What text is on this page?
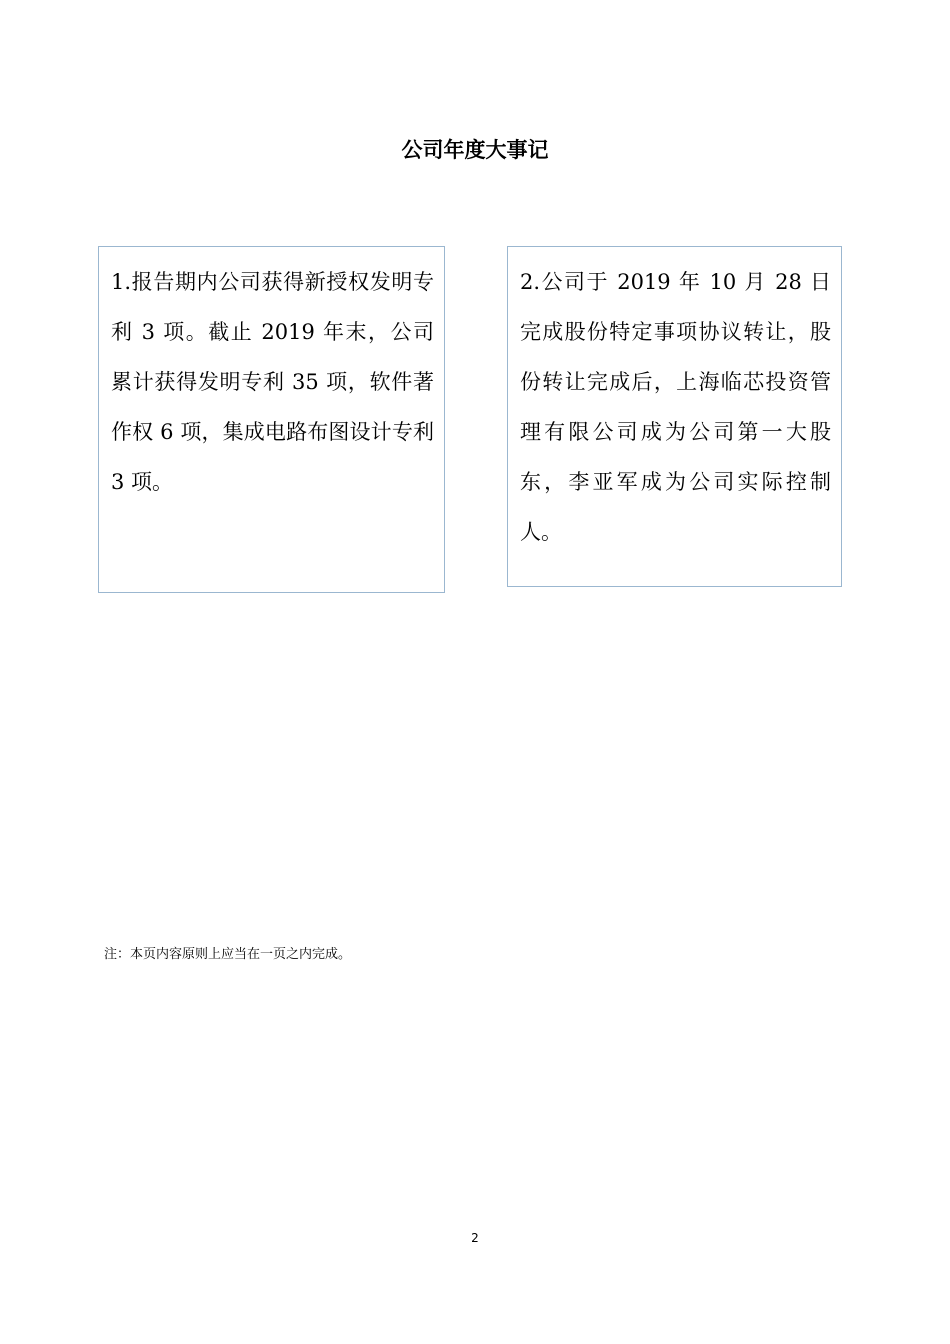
公司年度大事记

1.报告期内公司获得新授权发明专利 3 项。截止 2019 年末，公司累计获得发明专利 35 项，软件著作权 6 项，集成电路布图设计专利 3 项。

2.公司于 2019 年 10 月 28 日完成股份特定事项协议转让，股份转让完成后，上海临芯投资管理有限公司成为公司第一大股东，李亚军成为公司实际控制人。

注：本页内容原则上应当在一页之内完成。

2
